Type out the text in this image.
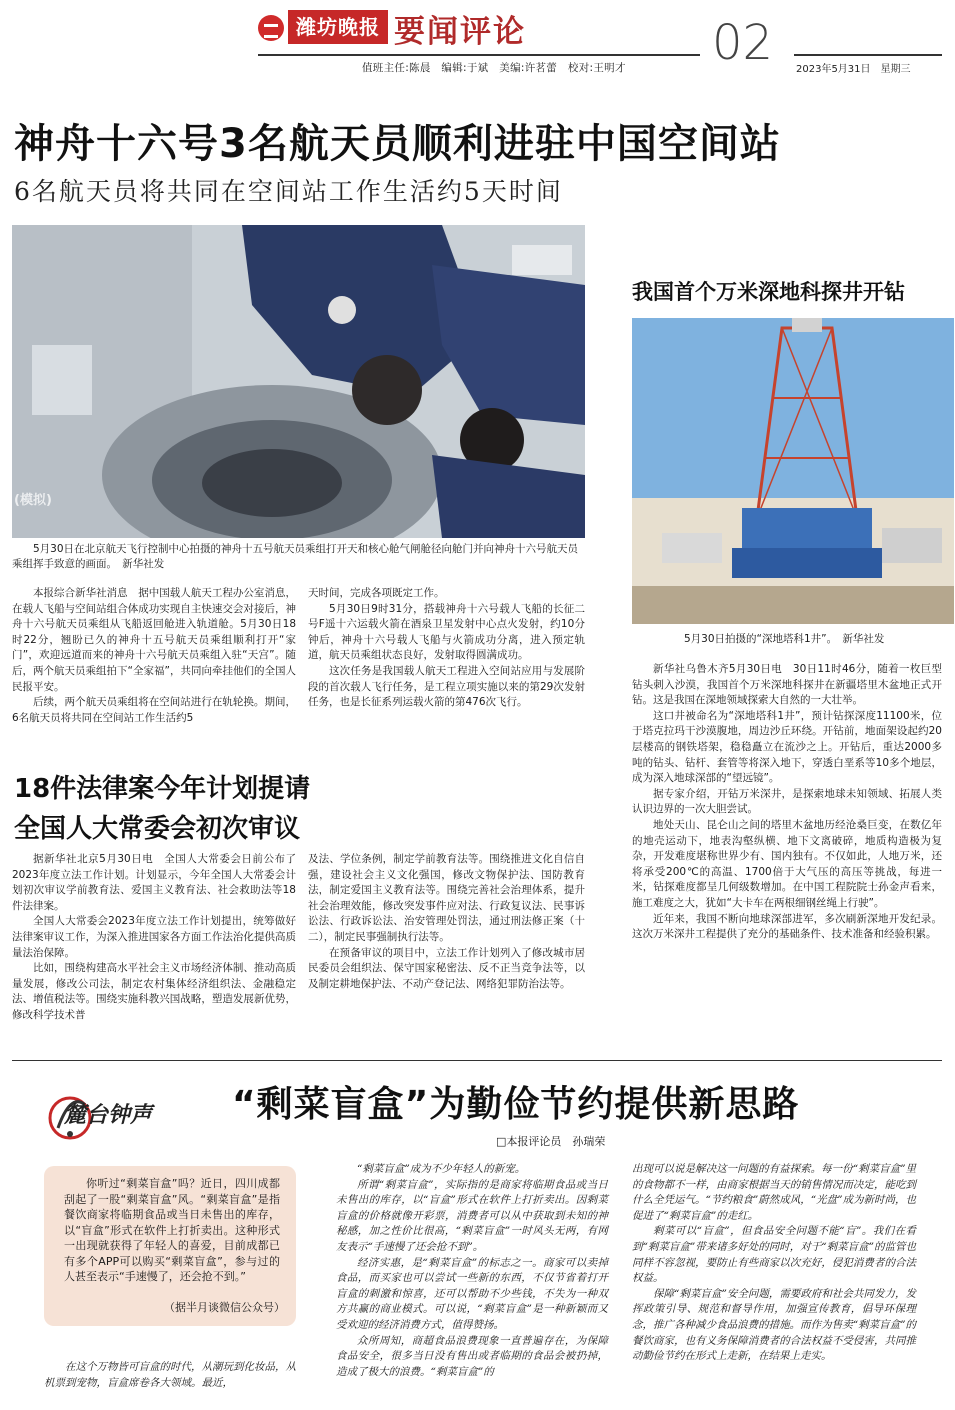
潍坊晚报 要闻评论	02
值班主任:陈晨　编辑:于斌　美编:许茗蕾　校对:王明才	2023年5月31日　星期三
神舟十六号3名航天员顺利进驻中国空间站
6名航天员将共同在空间站工作生活约5天时间
(模拟)
5月30日在北京航天飞行控制中心拍摄的神舟十五号航天员乘组打开天和核心舱气闸舱径向舱门并向神舟十六号航天员乘组挥手致意的画面。　新华社发

本报综合新华社消息　据中国载人航天工程办公室消息，在载人飞船与空间站组合体成功实现自主快速交会对接后，神舟十六号航天员乘组从飞船返回舱进入轨道舱。5月30日18时22分，翘盼已久的神舟十五号航天员乘组顺利打开“家门”，欢迎远道而来的神舟十六号航天员乘组入驻“天宫”。随后，两个航天员乘组拍下“全家福”，共同向牵挂他们的全国人民报平安。

后续，两个航天员乘组将在空间站进行在轨轮换。期间，6名航天员将共同在空间站工作生活约5

天时间，完成各项既定工作。

5月30日9时31分，搭载神舟十六号载人飞船的长征二号F遥十六运载火箭在酒泉卫星发射中心点火发射，约10分钟后，神舟十六号载人飞船与火箭成功分离，进入预定轨道，航天员乘组状态良好，发射取得圆满成功。

这次任务是我国载人航天工程进入空间站应用与发展阶段的首次载人飞行任务，是工程立项实施以来的第29次发射任务，也是长征系列运载火箭的第476次飞行。

我国首个万米深地科探井开钻
5月30日拍摄的“深地塔科1井”。　新华社发

新华社乌鲁木齐5月30日电　30日11时46分，随着一枚巨型钻头刺入沙漠，我国首个万米深地科探井在新疆塔里木盆地正式开钻。这是我国在深地领域探索大自然的一大壮举。

这口井被命名为“深地塔科1井”，预计钻探深度11100米，位于塔克拉玛干沙漠腹地，周边沙丘环绕。开钻前，地面架设起约20层楼高的钢铁塔架，稳稳矗立在流沙之上。开钻后，重达2000多吨的钻头、钻杆、套管等将深入地下，穿透白垩系等10多个地层，成为深入地球深部的“望远镜”。

据专家介绍，开钻万米深井，是探索地球未知领域、拓展人类认识边界的一次大胆尝试。

地处天山、昆仑山之间的塔里木盆地历经沧桑巨变，在数亿年的地壳运动下，地表沟壑纵横、地下文离破碎，地质构造极为复杂，开发难度堪称世界少有、国内独有。不仅如此，人地万米，还将承受200℃的高温、1700倍于大气压的高压等挑战，每进一米，钻探难度都呈几何级数增加。在中国工程院院士孙金声看来，施工难度之大，犹如“大卡车在两根细钢丝绳上行驶”。

近年来，我国不断向地球深部进军，多次刷新深地开发纪录。这次万米深井工程提供了充分的基础条件、技术准备和经验积累。

18件法律案今年计划提请
全国人大常委会初次审议

据新华社北京5月30日电　全国人大常委会日前公布了2023年度立法工作计划。计划显示，今年全国人大常委会计划初次审议学前教育法、爱国主义教育法、社会救助法等18件法律案。

全国人大常委会2023年度立法工作计划提出，统筹做好法律案审议工作，为深入推进国家各方面工作法治化提供高质量法治保障。

比如，围绕构建高水平社会主义市场经济体制、推动高质量发展，修改公司法，制定农村集体经济组织法、金融稳定法、增值税法等。围绕实施科教兴国战略，塑造发展新优势，修改科学技术普

及法、学位条例，制定学前教育法等。围绕推进文化自信自强，建设社会主义文化强国，修改文物保护法、国防教育法，制定爱国主义教育法等。围绕完善社会治理体系，提升社会治理效能，修改突发事件应对法、行政复议法、民事诉讼法、行政诉讼法、治安管理处罚法，通过刑法修正案（十二），制定民事强制执行法等。

在预备审议的项目中，立法工作计划列入了修改城市居民委员会组织法、保守国家秘密法、反不正当竞争法等，以及制定耕地保护法、不动产登记法、网络犯罪防治法等。

麓台钟声 “剩菜盲盒”为勤俭节约提供新思路
□本报评论员　孙瑞荣
你听过“剩菜盲盒”吗？近日，四川成都刮起了一股“剩菜盲盒”风。“剩菜盲盒”是指餐饮商家将临期食品或当日未售出的库存，以“盲盒”形式在软件上打折卖出。这种形式一出现就获得了年轻人的喜爱，目前成都已有多个APP可以购买“剩菜盲盒”，参与过的人甚至表示“手速慢了，还会抢不到。”
（据半月谈微信公众号）

在这个万物皆可盲盒的时代，从潮玩到化妆品，从机票到宠物，盲盒席卷各大领域。最近，

“剩菜盲盒”成为不少年轻人的新宠。

所谓“剩菜盲盒”，实际指的是商家将临期食品或当日未售出的库存，以“盲盒”形式在软件上打折卖出。因剩菜盲盒的价格就像开彩票，消费者可以从中获取到未知的神秘感，加之性价比很高，“剩菜盲盒”一时风头无两，有网友表示“手速慢了还会抢不到”。

经济实惠，是“剩菜盲盒”的标志之一。商家可以卖掉食品，而买家也可以尝试一些新的东西，不仅节省着打开盲盒的刺激和惊喜，还可以帮助不少些钱，不失为一种双方共赢的商业模式。可以说，“剩菜盲盒”是一种新颖而又受欢迎的经济消费方式，值得赞扬。

众所周知，商超食品浪费现象一直普遍存在，为保障食品安全，很多当日没有售出或者临期的食品会被扔掉，造成了极大的浪费。“剩菜盲盒”的

出现可以说是解决这一问题的有益探索。每一份“剩菜盲盒”里的食物都不一样，由商家根据当天的销售情况而决定，能吃到什么全凭运气。“节约粮食”蔚然成风，“光盘”成为新时尚，也促进了“剩菜盲盒”的走红。

剩菜可以“盲盒”，但食品安全问题不能“盲”。我们在看到“剩菜盲盒”带来诸多好处的同时，对于“剩菜盲盒”的监管也同样不容忽视，要防止有些商家以次充好，侵犯消费者的合法权益。

保障“剩菜盲盒”安全问题，需要政府和社会共同发力，发挥政策引导、规范和督导作用，加强宣传教育，倡导环保理念，推广各种减少食品浪费的措施。而作为售卖“剩菜盲盒”的餐饮商家，也有义务保障消费者的合法权益不受侵害，共同推动勤俭节约在形式上走新，在结果上走实。
